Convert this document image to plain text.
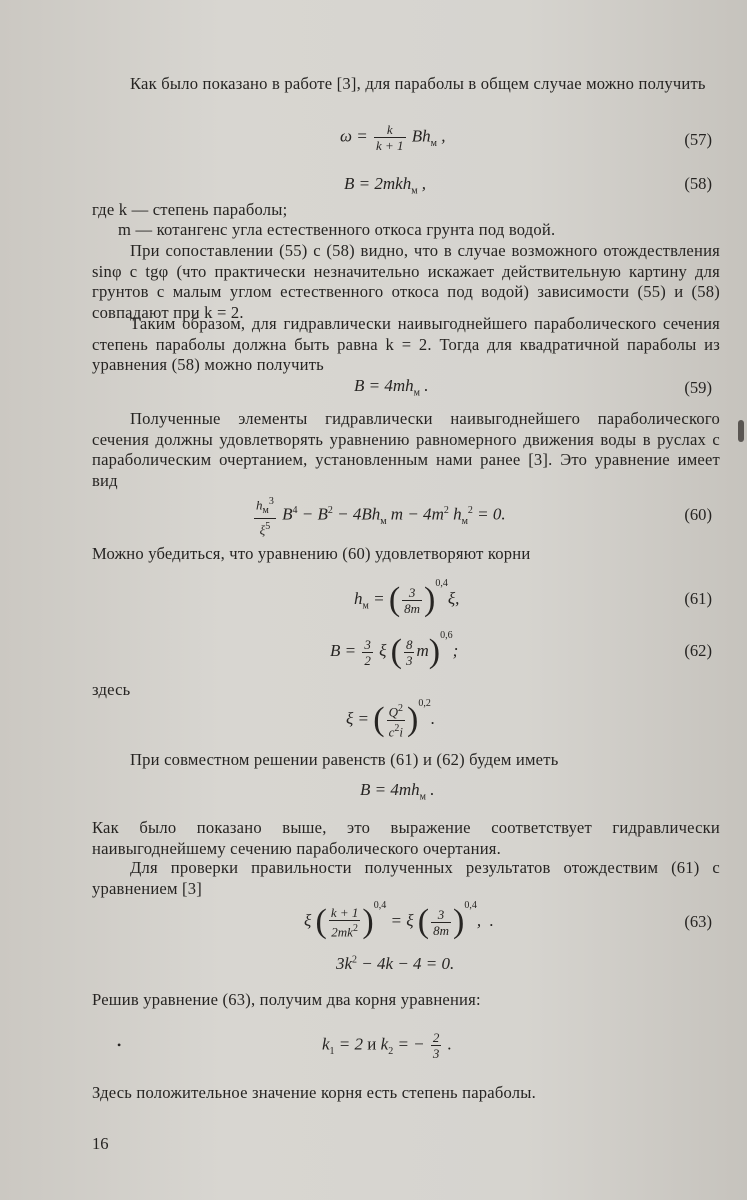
Как было показано в работе [3], для параболы в общем случае можно получить

$\omega = \frac{k}{k + 1} Bh_м$ ,	(57)
B = 2mkh$_м$ ,	(58)

где k — степень параболы;

m — котангенс угла естественного откоса грунта под водой.

При сопоставлении (55) с (58) видно, что в случае возможного отождествления sinφ с tgφ (что практически незначительно искажает действительную картину для грунтов с малым углом естественного откоса под водой) зависимости (55) и (58) совпадают при k = 2.

Таким образом, для гидравлически наивыгоднейшего параболического сечения степень параболы должна быть равна k = 2. Тогда для квадратичной параболы из уравнения (58) можно получить

$B = 4mh_м$ .	(59)

Полученные элементы гидравлически наивыгоднейшего параболического сечения должны удовлетворять уравнению равномерного движения воды в руслах с параболическим очертанием, установленным нами ранее [3]. Это уравнение имеет вид

$\frac{h_м^3}{\xi^5} B^4 - B^2 - 4Bh_м$ $m - 4m^2$ $h_м^2 = 0$.	(60)

Можно убедиться, что уравнению (60) удовлетворяют корни

$h_м$ = ( $\frac{3}{8m} )^{0,4}\xi$,	(61)
$B = \frac{3}{2}$ ξ ( $\frac{8}{3} m)^{0,6}$;	(62)

здесь

ξ = ( $\frac{Q^2}{c^2i} )^{0,2}$.

При совместном решении равенств (61) и (62) будем иметь

$B = 4mh_м$ .

Как было показано выше, это выражение соответствует гидравлически наивыгоднейшему сечению параболического очертания.

Для проверки правильности полученных результатов отождествим (61) с уравнением [3]

ξ ( $\frac{k + 1}{2mk^2} )^{0,4} = \xi$ ( $\frac{3}{8m} )^{0,4}$,  .	(63)
$3k^2 - 4k - 4 = 0$.

Решив уравнение (63), получим два корня уравнения:

•	$k_1 = 2$ и $k_2$ = − $\frac{2}{3}$ .

Здесь положительное значение корня есть степень параболы.

16
